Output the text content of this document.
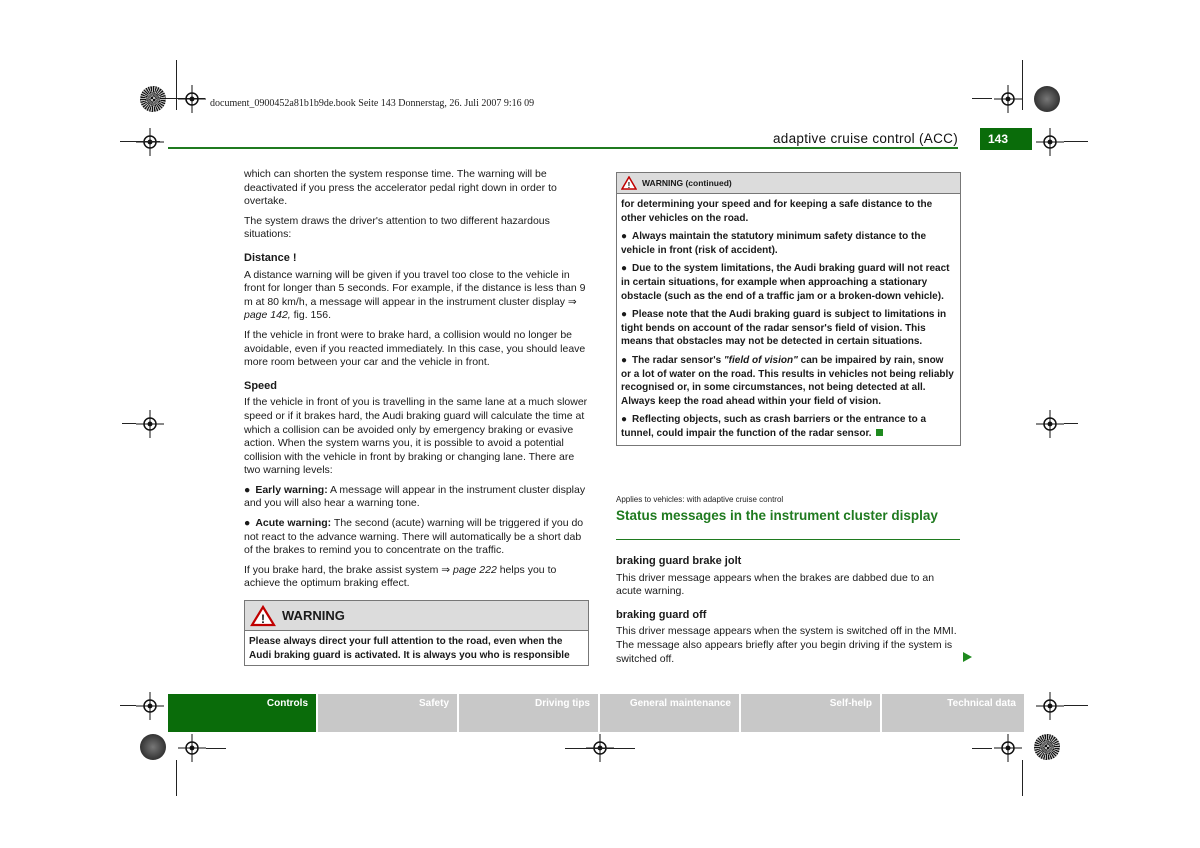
document_0900452a81b1b9de.book Seite 143 Donnerstag, 26. Juli 2007 9:16 09
adaptive cruise control (ACC)	143

which can shorten the system response time. The warning will be deactivated if you press the accelerator pedal right down in order to overtake.

The system draws the driver's attention to two different hazardous situations:

Distance !

A distance warning will be given if you travel too close to the vehicle in front for longer than 5 seconds. For example, if the distance is less than 9 m at 80 km/h, a message will appear in the instrument cluster display ⇒ page 142, fig. 156.

If the vehicle in front were to brake hard, a collision would no longer be avoidable, even if you reacted immediately. In this case, you should leave more room between your car and the vehicle in front.

Speed

If the vehicle in front of you is travelling in the same lane at a much slower speed or if it brakes hard, the Audi braking guard will calculate the time at which a collision can be avoided only by emergency braking or evasive action. When the system warns you, it is possible to avoid a potential collision with the vehicle in front by braking or changing lane. There are two warning levels:

● Early warning: A message will appear in the instrument cluster display and you will also hear a warning tone.
● Acute warning: The second (acute) warning will be triggered if you do not react to the advance warning. There will automatically be a short dab of the brakes to remind you to concentrate on the traffic.

If you brake hard, the brake assist system ⇒ page 222 helps you to achieve the optimum braking effect.

! WARNING
Please always direct your full attention to the road, even when the Audi braking guard is activated. It is always you who is responsible
! WARNING (continued)

for determining your speed and for keeping a safe distance to the other vehicles on the road.

● Always maintain the statutory minimum safety distance to the vehicle in front (risk of accident).

● Due to the system limitations, the Audi braking guard will not react in certain situations, for example when approaching a stationary obstacle (such as the end of a traffic jam or a broken-down vehicle).

● Please note that the Audi braking guard is subject to limitations in tight bends on account of the radar sensor's field of vision. This means that obstacles may not be detected in certain situations.

● The radar sensor's "field of vision" can be impaired by rain, snow or a lot of water on the road. This results in vehicles not being reliably recognised or, in some circumstances, not being detected at all. Always keep the road ahead within your field of vision.

● Reflecting objects, such as crash barriers or the entrance to a tunnel, could impair the function of the radar sensor.

Applies to vehicles: with adaptive cruise control
Status messages in the instrument cluster display
braking guard brake jolt

This driver message appears when the brakes are dabbed due to an acute warning.

braking guard off

This driver message appears when the system is switched off in the MMI. The message also appears briefly after you begin driving if the system is switched off.

Controls	Safety	Driving tips	General maintenance	Self-help	Technical data
